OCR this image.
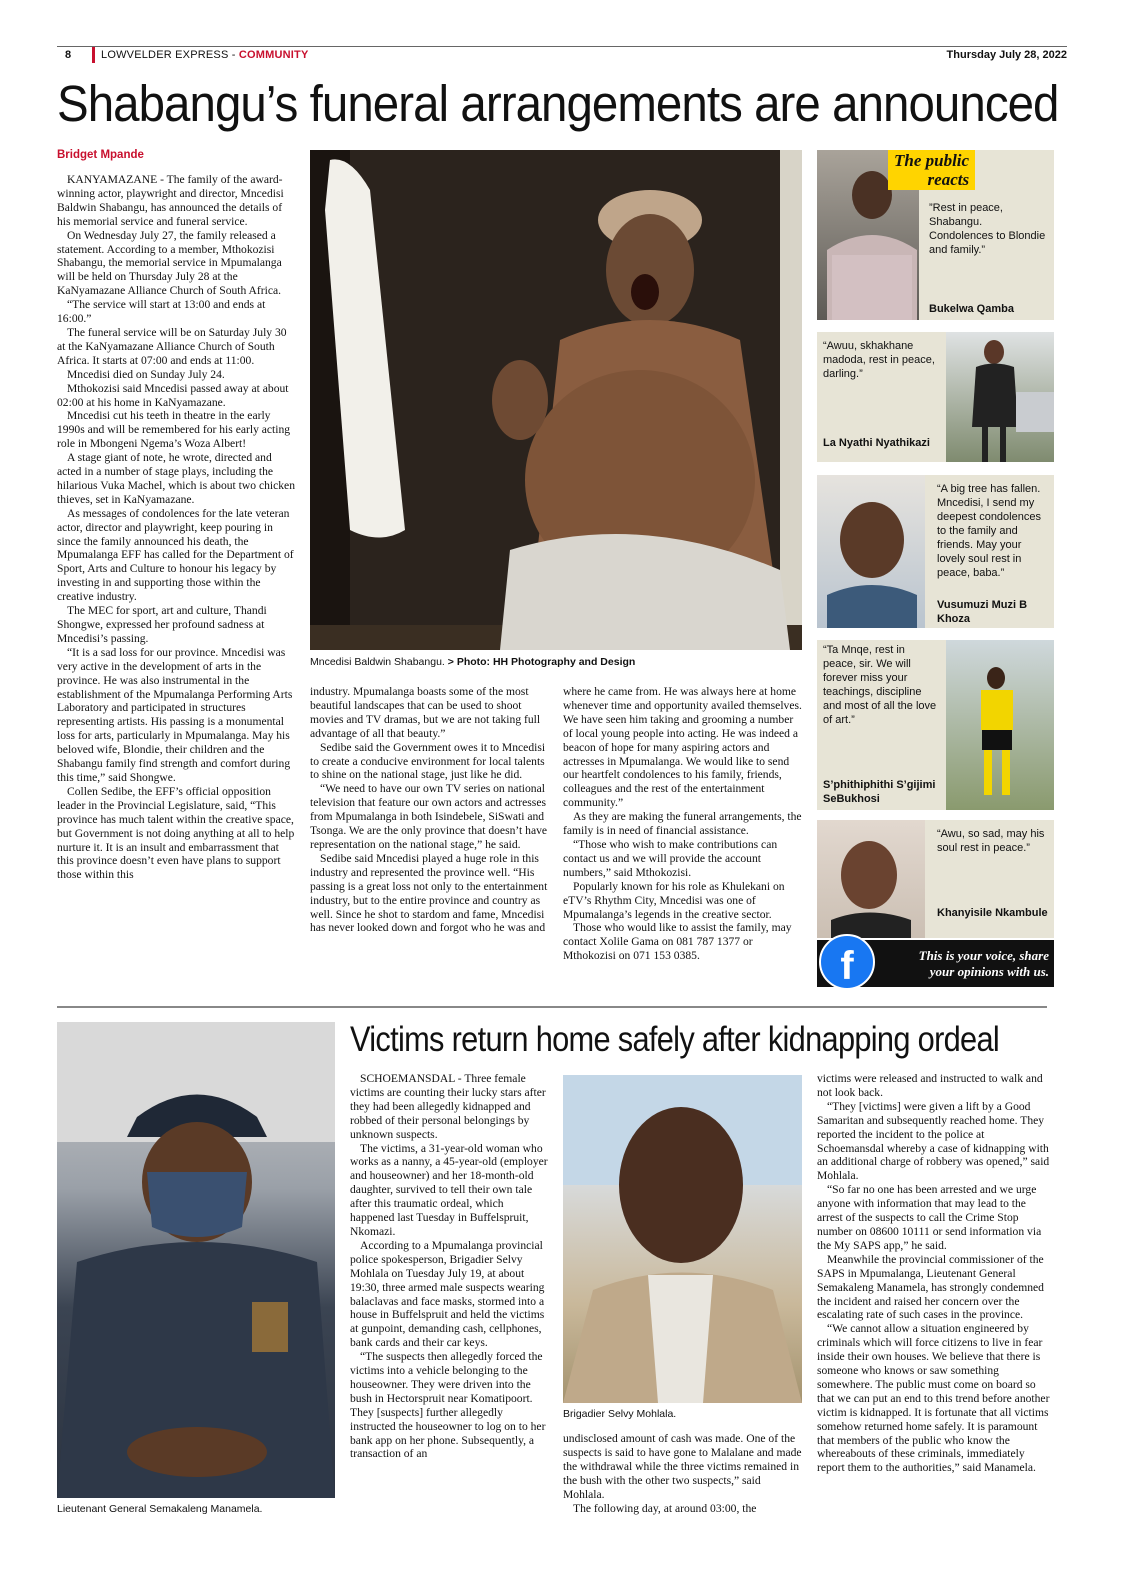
8	LOWVELDER EXPRESS - COMMUNITY	Thursday July 28, 2022
Shabangu’s funeral arrangements are announced
Bridget Mpande

KANYAMAZANE - The family of the award-winning actor, playwright and director, Mncedisi Baldwin Shabangu, has announced the details of his memorial service and funeral service.

On Wednesday July 27, the family released a statement. According to a member, Mthokozisi Shabangu, the memorial service in Mpumalanga will be held on Thursday July 28 at the KaNyamazane Alliance Church of South Africa.

“The service will start at 13:00 and ends at 16:00.”

The funeral service will be on Saturday July 30 at the KaNyamazane Alliance Church of South Africa. It starts at 07:00 and ends at 11:00.

Mncedisi died on Sunday July 24.

Mthokozisi said Mncedisi passed away at about 02:00 at his home in KaNyamazane.

Mncedisi cut his teeth in theatre in the early 1990s and will be remembered for his early acting role in Mbongeni Ngema’s Woza Albert!

A stage giant of note, he wrote, directed and acted in a number of stage plays, including the hilarious Vuka Machel, which is about two chicken thieves, set in KaNyamazane.

As messages of condolences for the late veteran actor, director and playwright, keep pouring in since the family announced his death, the Mpumalanga EFF has called for the Department of Sport, Arts and Culture to honour his legacy by investing in and supporting those within the creative industry.

The MEC for sport, art and culture, Thandi Shongwe, expressed her profound sadness at Mncedisi’s passing.

“It is a sad loss for our province. Mncedisi was very active in the development of arts in the province. He was also instrumental in the establishment of the Mpumalanga Performing Arts Laboratory and participated in structures representing artists. His passing is a monumental loss for arts, particularly in Mpumalanga. May his beloved wife, Blondie, their children and the Shabangu family find strength and comfort during this time,” said Shongwe.

Collen Sedibe, the EFF’s official opposition leader in the Provincial Legislature, said, “This province has much talent within the creative space, but Government is not doing anything at all to help nurture it. It is an insult and embarrassment that this province doesn’t even have plans to support those within this

Mncedisi Baldwin Shabangu. > Photo: HH Photography and Design

industry. Mpumalanga boasts some of the most beautiful landscapes that can be used to shoot movies and TV dramas, but we are not taking full advantage of all that beauty.”

Sedibe said the Government owes it to Mncedisi to create a conducive environment for local talents to shine on the national stage, just like he did.

“We need to have our own TV series on national television that feature our own actors and actresses from Mpumalanga in both Isindebele, SiSwati and Tsonga. We are the only province that doesn’t have representation on the national stage,” he said.

Sedibe said Mncedisi played a huge role in this industry and represented the province well. “His passing is a great loss not only to the entertainment industry, but to the entire province and country as well. Since he shot to stardom and fame, Mncedisi has never looked down and forgot who he was and

where he came from. He was always here at home whenever time and opportunity availed themselves. We have seen him taking and grooming a number of local young people into acting. He was indeed a beacon of hope for many aspiring actors and actresses in Mpumalanga. We would like to send our heartfelt condolences to his family, friends, colleagues and the rest of the entertainment community.”

As they are making the funeral arrangements, the family is in need of financial assistance.

“Those who wish to make contributions can contact us and we will provide the account numbers,” said Mthokozisi.

Popularly known for his role as Khulekani on eTV’s Rhythm City, Mncedisi was one of Mpumalanga’s legends in the creative sector.

Those who would like to assist the family, may contact Xolile Gama on 081 787 1377 or Mthokozisi on 071 153 0385.

The public
reacts
”Rest in peace, Shabangu. Condolences to Blondie and family.”
Bukelwa Qamba
“Awuu, skhakhane madoda, rest in peace, darling.”
La Nyathi Nyathikazi
“A big tree has fallen. Mncedisi, I send my deepest condolences to the family and friends. May your lovely soul rest in peace, baba.”
Vusumuzi Muzi B Khoza
“Ta Mnqe, rest in peace, sir. We will forever miss your teachings, discipline and most of all the love of art.”
S’phithiphithi S’gijimi SeBukhosi
“Awu, so sad, may his soul rest in peace.”
Khanyisile Nkambule
f	This is your voice, share
your opinions with us.
Victims return home safely after kidnapping ordeal
Lieutenant General Semakaleng Manamela.

SCHOEMANSDAL - Three female victims are counting their lucky stars after they had been allegedly kidnapped and robbed of their personal belongings by unknown suspects.

The victims, a 31-year-old woman who works as a nanny, a 45-year-old (employer and houseowner) and her 18-month-old daughter, survived to tell their own tale after this traumatic ordeal, which happened last Tuesday in Buffelspruit, Nkomazi.

According to a Mpumalanga provincial police spokesperson, Brigadier Selvy Mohlala on Tuesday July 19, at about 19:30, three armed male suspects wearing balaclavas and face masks, stormed into a house in Buffelspruit and held the victims at gunpoint, demanding cash, cellphones, bank cards and their car keys.

“The suspects then allegedly forced the victims into a vehicle belonging to the houseowner. They were driven into the bush in Hectorspruit near Komatipoort. They [suspects] further allegedly instructed the houseowner to log on to her bank app on her phone. Subsequently, a transaction of an

Brigadier Selvy Mohlala.

undisclosed amount of cash was made. One of the suspects is said to have gone to Malalane and made the withdrawal while the three victims remained in the bush with the other two suspects,” said Mohlala.

The following day, at around 03:00, the

victims were released and instructed to walk and not look back.

“They [victims] were given a lift by a Good Samaritan and subsequently reached home. They reported the incident to the police at Schoemansdal whereby a case of kidnapping with an additional charge of robbery was opened,” said Mohlala.

“So far no one has been arrested and we urge anyone with information that may lead to the arrest of the suspects to call the Crime Stop number on 08600 10111 or send information via the My SAPS app,” he said.

Meanwhile the provincial commissioner of the SAPS in Mpumalanga, Lieutenant General Semakaleng Manamela, has strongly condemned the incident and raised her concern over the escalating rate of such cases in the province.

“We cannot allow a situation engineered by criminals which will force citizens to live in fear inside their own houses. We believe that there is someone who knows or saw something somewhere. The public must come on board so that we can put an end to this trend before another victim is kidnapped. It is fortunate that all victims somehow returned home safely. It is paramount that members of the public who know the whereabouts of these criminals, immediately report them to the authorities,” said Manamela.
